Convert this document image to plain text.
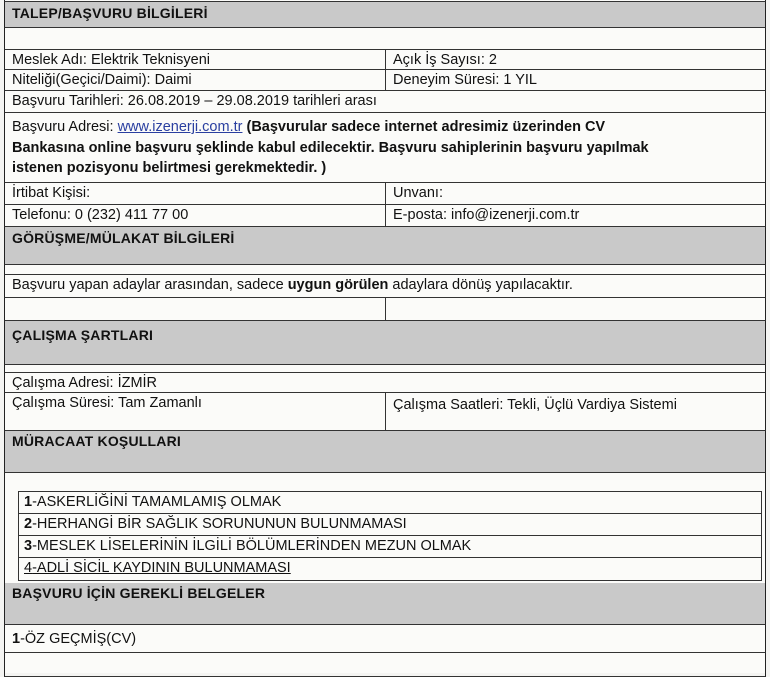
TALEP/BAŞVURU BİLGİLERİ
Meslek Adı: Elektrik Teknisyeni	Açık İş Sayısı: 2
Niteliği(Geçici/Daimi): Daimi	Deneyim Süresi: 1 YIL
Başvuru Tarihleri: 26.08.2019 – 29.08.2019 tarihleri arası
Başvuru Adresi: www.izenerji.com.tr (Başvurular sadece internet adresimiz üzerinden CV
Bankasına online başvuru şeklinde kabul edilecektir. Başvuru sahiplerinin başvuru yapılmak
istenen pozisyonu belirtmesi gerekmektedir. )
İrtibat Kişisi:	Unvanı:
Telefonu: 0 (232) 411 77 00	E-posta: info@izenerji.com.tr
GÖRÜŞME/MÜLAKAT BİLGİLERİ
Başvuru yapan adaylar arasından, sadece uygun görülen adaylara dönüş yapılacaktır.
ÇALIŞMA ŞARTLARI
Çalışma Adresi: İZMİR
Çalışma Süresi: Tam Zamanlı	Çalışma Saatleri: Tekli, Üçlü Vardiya Sistemi
MÜRACAAT KOŞULLARI
1-ASKERLİĞİNİ TAMAMLAMIŞ OLMAK
2-HERHANGİ BİR SAĞLIK SORUNUNUN BULUNMAMASI
3-MESLEK LİSELERİNİN İLGİLİ BÖLÜMLERİNDEN MEZUN OLMAK
4-ADLİ SİCİL KAYDININ BULUNMAMASI
BAŞVURU İÇİN GEREKLİ BELGELER
1-ÖZ GEÇMİŞ(CV)
